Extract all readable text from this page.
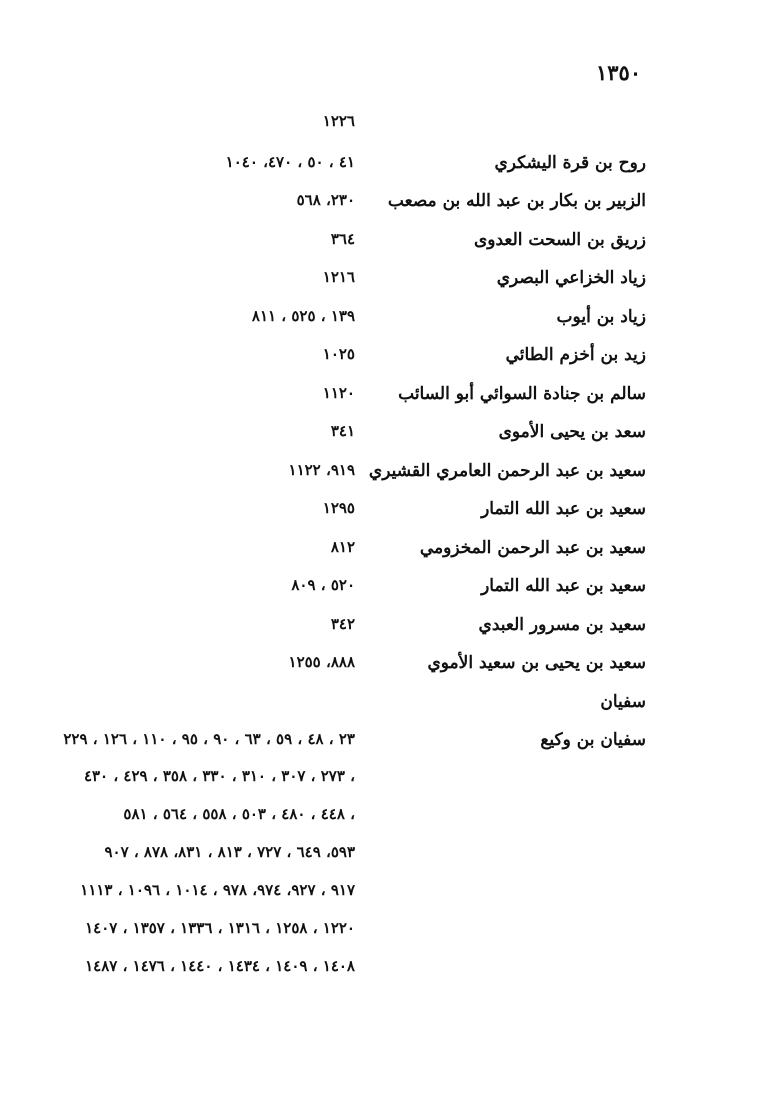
١٣٥٠
١٢٢٦
روح بن قرة اليشكري
٤١ ، ٥٠ ، ٤٧٠، ١٠٤٠
الزبير بن بكار بن عبد الله بن مصعب
٢٣٠، ٥٦٨
زريق بن السحت العدوى
٣٦٤
زياد الخزاعي البصري
١٢١٦
زياد بن أيوب
١٣٩ ، ٥٢٥ ، ٨١١
زيد بن أخزم الطائي
١٠٢٥
سالم بن جنادة السوائي أبو السائب
١١٢٠
سعد بن يحيى الأموى
٣٤١
سعيد بن عبد الرحمن العامري القشيري
٩١٩، ١١٢٢
سعيد بن عبد الله التمار
١٢٩٥
سعيد بن عبد الرحمن المخزومي
٨١٢
سعيد بن عبد الله التمار
٥٢٠ ، ٨٠٩
سعيد بن مسرور العبدي
٣٤٢
سعيد بن يحيى بن سعيد الأموي
٨٨٨، ١٢٥٥
سفيان
سفيان بن وكيع
٢٣ ، ٤٨ ، ٥٩ ، ٦٣ ، ٩٠ ، ٩٥ ، ١١٠ ، ١٢٦ ، ٢٢٩
، ٢٧٣ ، ٣٠٧ ، ٣١٠ ، ٣٣٠ ، ٣٥٨ ، ٤٢٩ ، ٤٣٠
، ٤٤٨ ، ٤٨٠ ، ٥٠٣ ، ٥٥٨ ، ٥٦٤ ، ٥٨١
٥٩٣، ٦٤٩ ، ٧٢٧ ، ٨١٣ ، ٨٣١، ٨٧٨ ، ٩٠٧
٩١٧ ، ٩٢٧، ٩٧٤، ٩٧٨ ، ١٠١٤ ، ١٠٩٦ ، ١١١٣
١٢٢٠ ، ١٢٥٨ ، ١٣١٦ ، ١٣٣٦ ، ١٣٥٧ ، ١٤٠٧
١٤٠٨ ، ١٤٠٩ ، ١٤٣٤ ، ١٤٤٠ ، ١٤٧٦ ، ١٤٨٧
